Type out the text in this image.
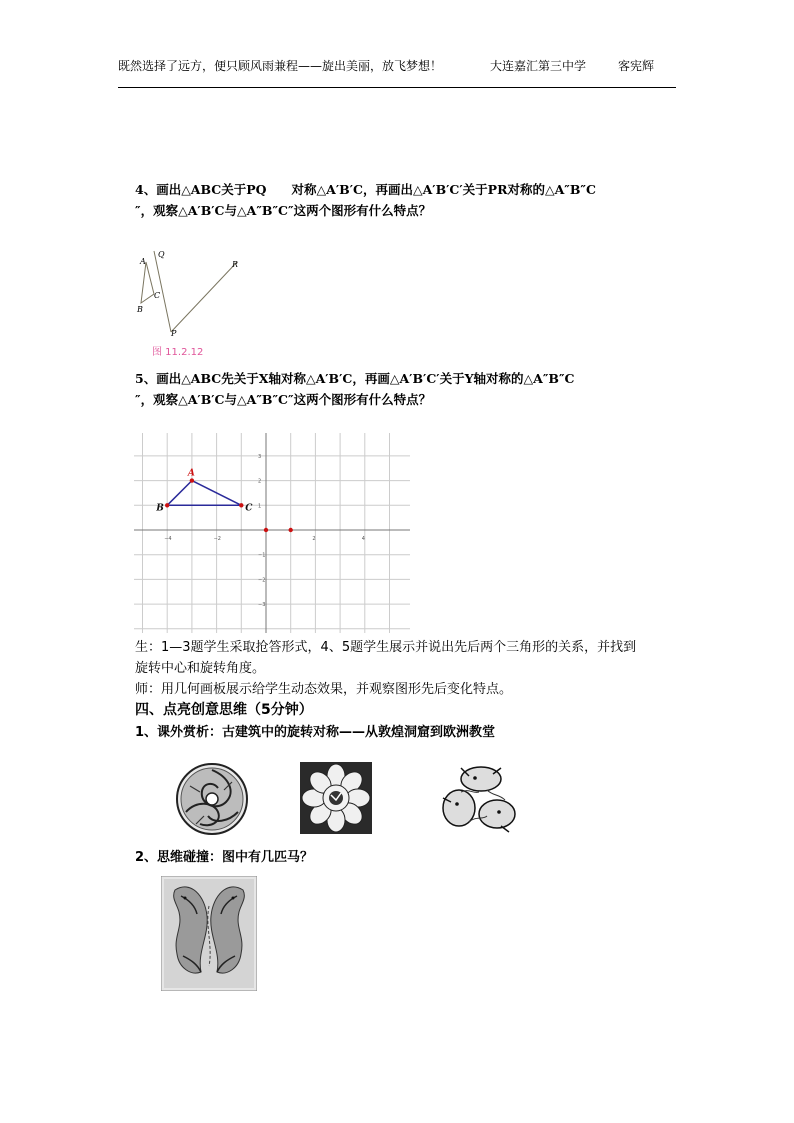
既然选择了远方，便只顾风雨兼程——旋出美丽，放飞梦想！	大连嘉汇第三中学	客宪辉
4、画出△ABC关于PQ　　对称△A′B′C，再画出△A′B′C′关于PR对称的△A″B″C
″，观察△A′B′C与△A″B″C″这两个图形有什么特点？
A
Q
R
C
B
P
图 11.2.12
5、画出△ABC先关于X轴对称△A′B′C，再画△A′B′C′关于Y轴对称的△A″B″C
″，观察△A′B′C与△A″B″C″这两个图形有什么特点？
−4	−2	2	4
3
2
1
−1
−2
−3
A
B	C
生：1—3题学生采取抢答形式，4、5题学生展示并说出先后两个三角形的关系，并找到
旋转中心和旋转角度。
师：用几何画板展示给学生动态效果，并观察图形先后变化特点。
四、点亮创意思维（5分钟）
1、课外赏析：古建筑中的旋转对称——从敦煌洞窟到欧洲教堂
2、思维碰撞：图中有几匹马？
